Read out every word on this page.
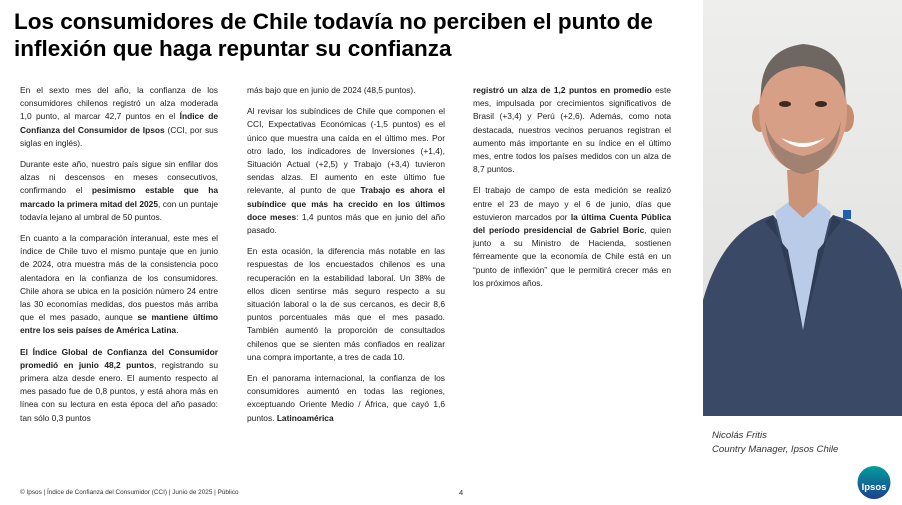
Los consumidores de Chile todavía no perciben el punto de inflexión que haga repuntar su confianza

En el sexto mes del año, la confianza de los consumidores chilenos registró un alza moderada 1,0 punto, al marcar 42,7 puntos en el Índice de Confianza del Consumidor de Ipsos (CCI, por sus siglas en inglés).

Durante este año, nuestro país sigue sin enfilar dos alzas ni descensos en meses consecutivos, confirmando el pesimismo estable que ha marcado la primera mitad del 2025, con un puntaje todavía lejano al umbral de 50 puntos.

En cuanto a la comparación interanual, este mes el índice de Chile tuvo el mismo puntaje que en junio de 2024, otra muestra más de la consistencia poco alentadora en la confianza de los consumidores. Chile ahora se ubica en la posición número 24 entre las 30 economías medidas, dos puestos más arriba que el mes pasado, aunque se mantiene último entre los seis países de América Latina.

El Índice Global de Confianza del Consumidor promedió en junio 48,2 puntos, registrando su primera alza desde enero. El aumento respecto al mes pasado fue de 0,8 puntos, y está ahora más en línea con su lectura en esta época del año pasado: tan sólo 0,3 puntos

más bajo que en junio de 2024 (48,5 puntos).

Al revisar los subíndices de Chile que componen el CCI, Expectativas Económicas (-1,5 puntos) es el único que muestra una caída en el último mes. Por otro lado, los indicadores de Inversiones (+1,4), Situación Actual (+2,5) y Trabajo (+3,4) tuvieron sendas alzas. El aumento en este último fue relevante, al punto de que Trabajo es ahora el subíndice que más ha crecido en los últimos doce meses: 1,4 puntos más que en junio del año pasado.

En esta ocasión, la diferencia más notable en las respuestas de los encuestados chilenos es una recuperación en la estabilidad laboral. Un 38% de ellos dicen sentirse más seguro respecto a su situación laboral o la de sus cercanos, es decir 8,6 puntos porcentuales más que el mes pasado. También aumentó la proporción de consultados chilenos que se sienten más confiados en realizar una compra importante, a tres de cada 10.

En el panorama internacional, la confianza de los consumidores aumentó en todas las regiones, exceptuando Oriente Medio / África, que cayó 1,6 puntos. Latinoamérica

registró un alza de 1,2 puntos en promedio este mes, impulsada por crecimientos significativos de Brasil (+3,4) y Perú (+2,6). Además, como nota destacada, nuestros vecinos peruanos registran el aumento más importante en su índice en el último mes, entre todos los países medidos con un alza de 8,7 puntos.

El trabajo de campo de esta medición se realizó entre el 23 de mayo y el 6 de junio, días que estuvieron marcados por la última Cuenta Pública del período presidencial de Gabriel Boric, quien junto a su Ministro de Hacienda, sostienen férreamente que la economía de Chile está en un “punto de inflexión” que le permitirá crecer más en los próximos años.

Nicolás Fritis
Country Manager, Ipsos Chile
© Ipsos | Índice de Confianza del Consumidor (CCI) | Junio de 2025 | Público	4	Ipsos
